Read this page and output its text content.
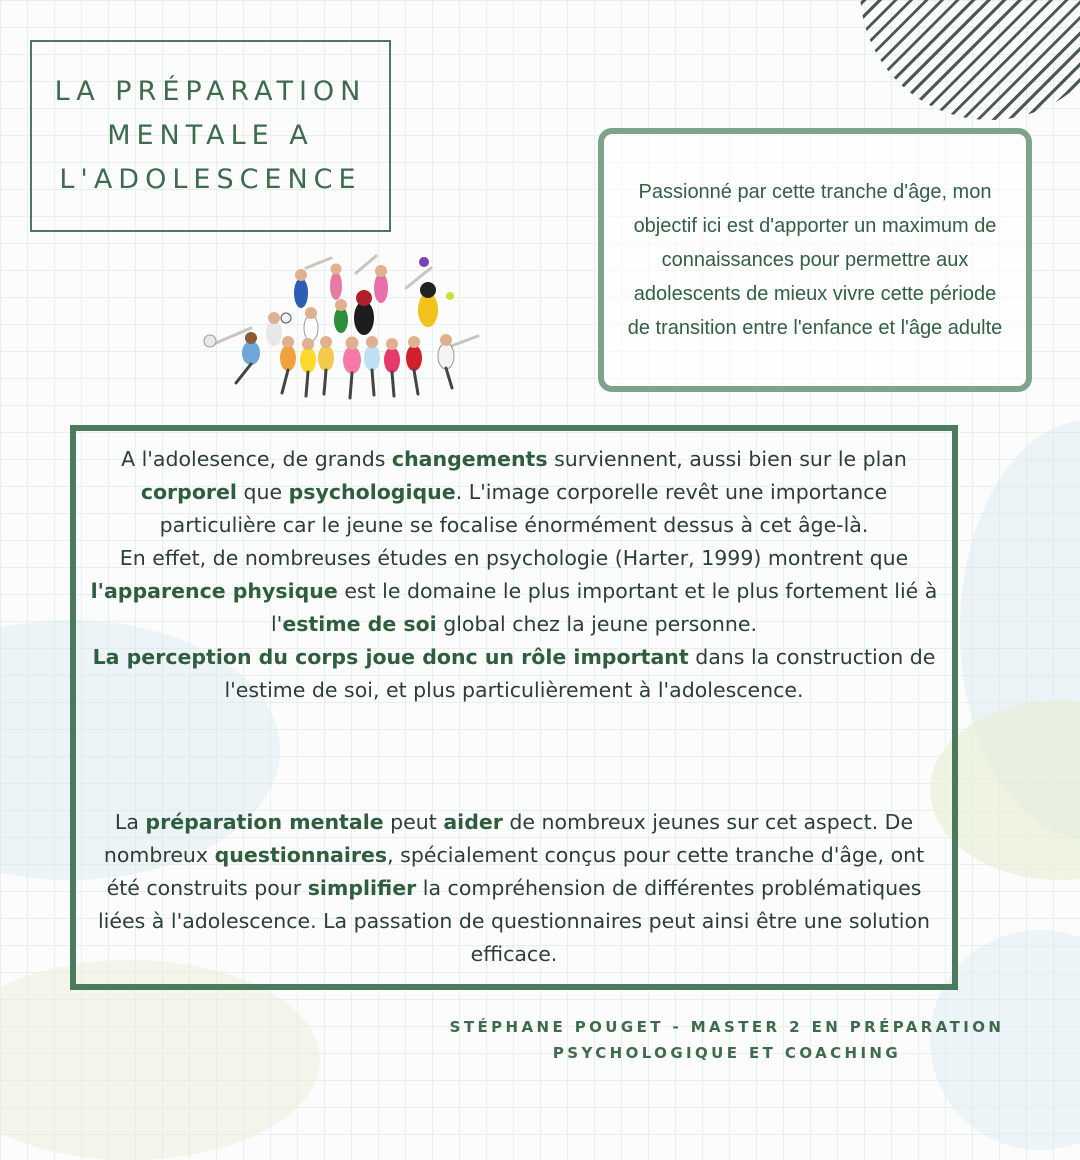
LA PRÉPARATION
MENTALE A
L'ADOLESCENCE	Passionné par cette tranche d'âge, mon objectif ici est d'apporter un maximum de connaissances pour permettre aux adolescents de mieux vivre cette période de transition entre l'enfance et l'âge adulte

A l'adolesence, de grands changements surviennent, aussi bien sur le plan corporel que psychologique. L'image corporelle revêt une importance particulière car le jeune se focalise énormément dessus à cet âge-là.

En effet, de nombreuses études en psychologie (Harter, 1999) montrent que l'apparence physique est le domaine le plus important et le plus fortement lié à l'estime de soi global chez la jeune personne.

La perception du corps joue donc un rôle important dans la construction de l'estime de soi, et plus particulièrement à l'adolescence.

La préparation mentale peut aider de nombreux jeunes sur cet aspect. De nombreux questionnaires, spécialement conçus pour cette tranche d'âge, ont été construits pour simplifier la compréhension de différentes problématiques liées à l'adolescence. La passation de questionnaires peut ainsi être une solution efficace.

STÉPHANE POUGET - MASTER 2 EN PRÉPARATION
PSYCHOLOGIQUE ET COACHING
